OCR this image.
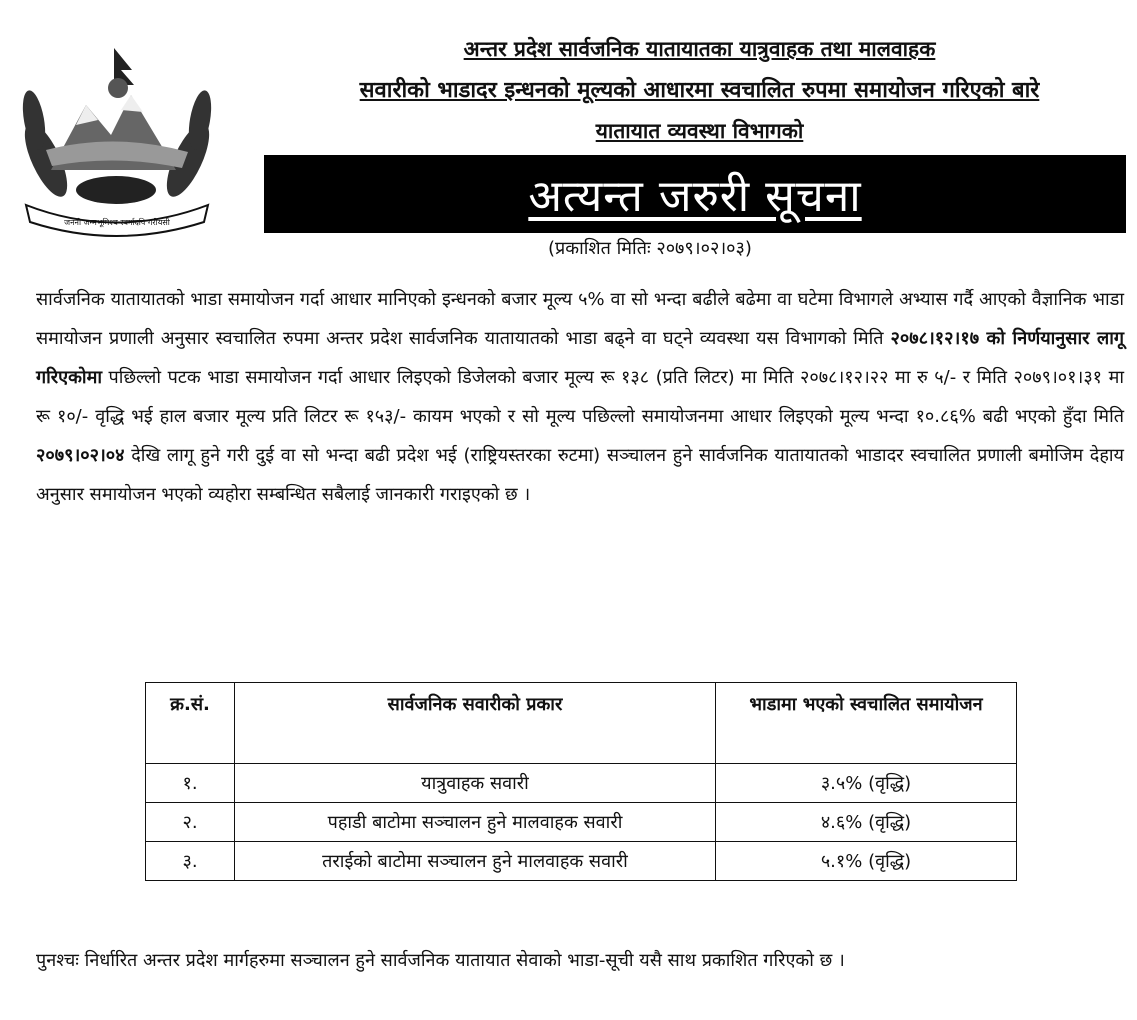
जननी जन्मभूमिश्च स्वर्गादपि गरीयसी
अन्तर प्रदेश सार्वजनिक यातायातका यात्रुवाहक तथा मालवाहक
सवारीको भाडादर इन्धनको मूल्यको आधारमा स्वचालित रुपमा समायोजन गरिएको बारे
यातायात व्यवस्था विभागको
अत्यन्त जरुरी सूचना
(प्रकाशित मितिः २०७९।०२।०३)

सार्वजनिक यातायातको भाडा समायोजन गर्दा आधार मानिएको इन्धनको बजार मूल्य ५% वा सो भन्दा बढीले बढेमा वा घटेमा विभागले अभ्यास गर्दै आएको वैज्ञानिक भाडा समायोजन प्रणाली अनुसार स्वचालित रुपमा अन्तर प्रदेश सार्वजनिक यातायातको भाडा बढ्ने वा घट्ने व्यवस्था यस विभागको मिति २०७८।१२।१७ को निर्णयानुसार लागू गरिएकोमा पछिल्लो पटक भाडा समायोजन गर्दा आधार लिइएको डिजेलको बजार मूल्य रू १३८ (प्रति लिटर) मा मिति २०७८।१२।२२ मा रु ५/- र मिति २०७९।०१।३१ मा रू १०/- वृद्धि भई हाल बजार मूल्य प्रति लिटर रू १५३/- कायम भएको र सो मूल्य पछिल्लो समायोजनमा आधार लिइएको मूल्य भन्दा १०.८६% बढी भएको हुँदा मिति २०७९।०२।०४ देखि लागू हुने गरी दुई वा सो भन्दा बढी प्रदेश भई (राष्ट्रियस्तरका रुटमा) सञ्चालन हुने सार्वजनिक यातायातको भाडादर स्वचालित प्रणाली बमोजिम देहाय अनुसार समायोजन भएको व्यहोरा सम्बन्धित सबैलाई जानकारी गराइएको छ ।

क्र.सं.	सार्वजनिक सवारीको प्रकार	भाडामा भएको स्वचालित समायोजन
१.	यात्रुवाहक सवारी	३.५% (वृद्धि)
२.	पहाडी बाटोमा सञ्चालन हुने मालवाहक सवारी	४.६% (वृद्धि)
३.	तराईको बाटोमा सञ्चालन हुने मालवाहक सवारी	५.१% (वृद्धि)

पुनश्चः निर्धारित अन्तर प्रदेश मार्गहरुमा सञ्चालन हुने सार्वजनिक यातायात सेवाको भाडा-सूची यसै साथ प्रकाशित गरिएको छ ।
